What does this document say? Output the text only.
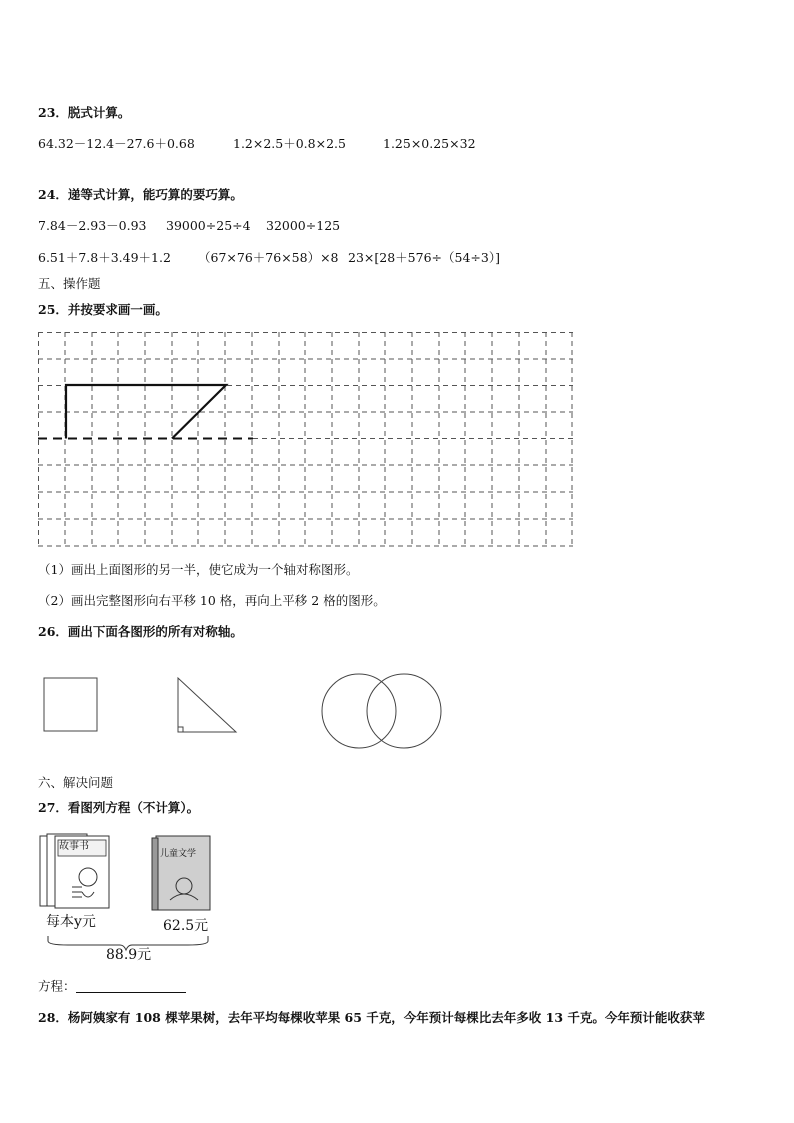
23．脱式计算。
64.32－12.4－27.6＋0.68	1.2×2.5＋0.8×2.5	1.25×0.25×32
24．递等式计算，能巧算的要巧算。
7.84－2.93－0.93 39000÷25÷4 32000÷125
6.51＋7.8＋3.49＋1.2 （67×76＋76×58）×8 23×[28＋576÷（54÷3）]
五、操作题
25．并按要求画一画。
（1）画出上面图形的另一半，使它成为一个轴对称图形。
（2）画出完整图形向右平移 10 格，再向上平移 2 格的图形。
26．画出下面各图形的所有对称轴。
六、解决问题
27．看图列方程（不计算）。
故事书
儿童文学
每本y元	62.5元
88.9元
方程：
28．杨阿姨家有 108 棵苹果树，去年平均每棵收苹果 65 千克，今年预计每棵比去年多收 13 千克。今年预计能收获苹
